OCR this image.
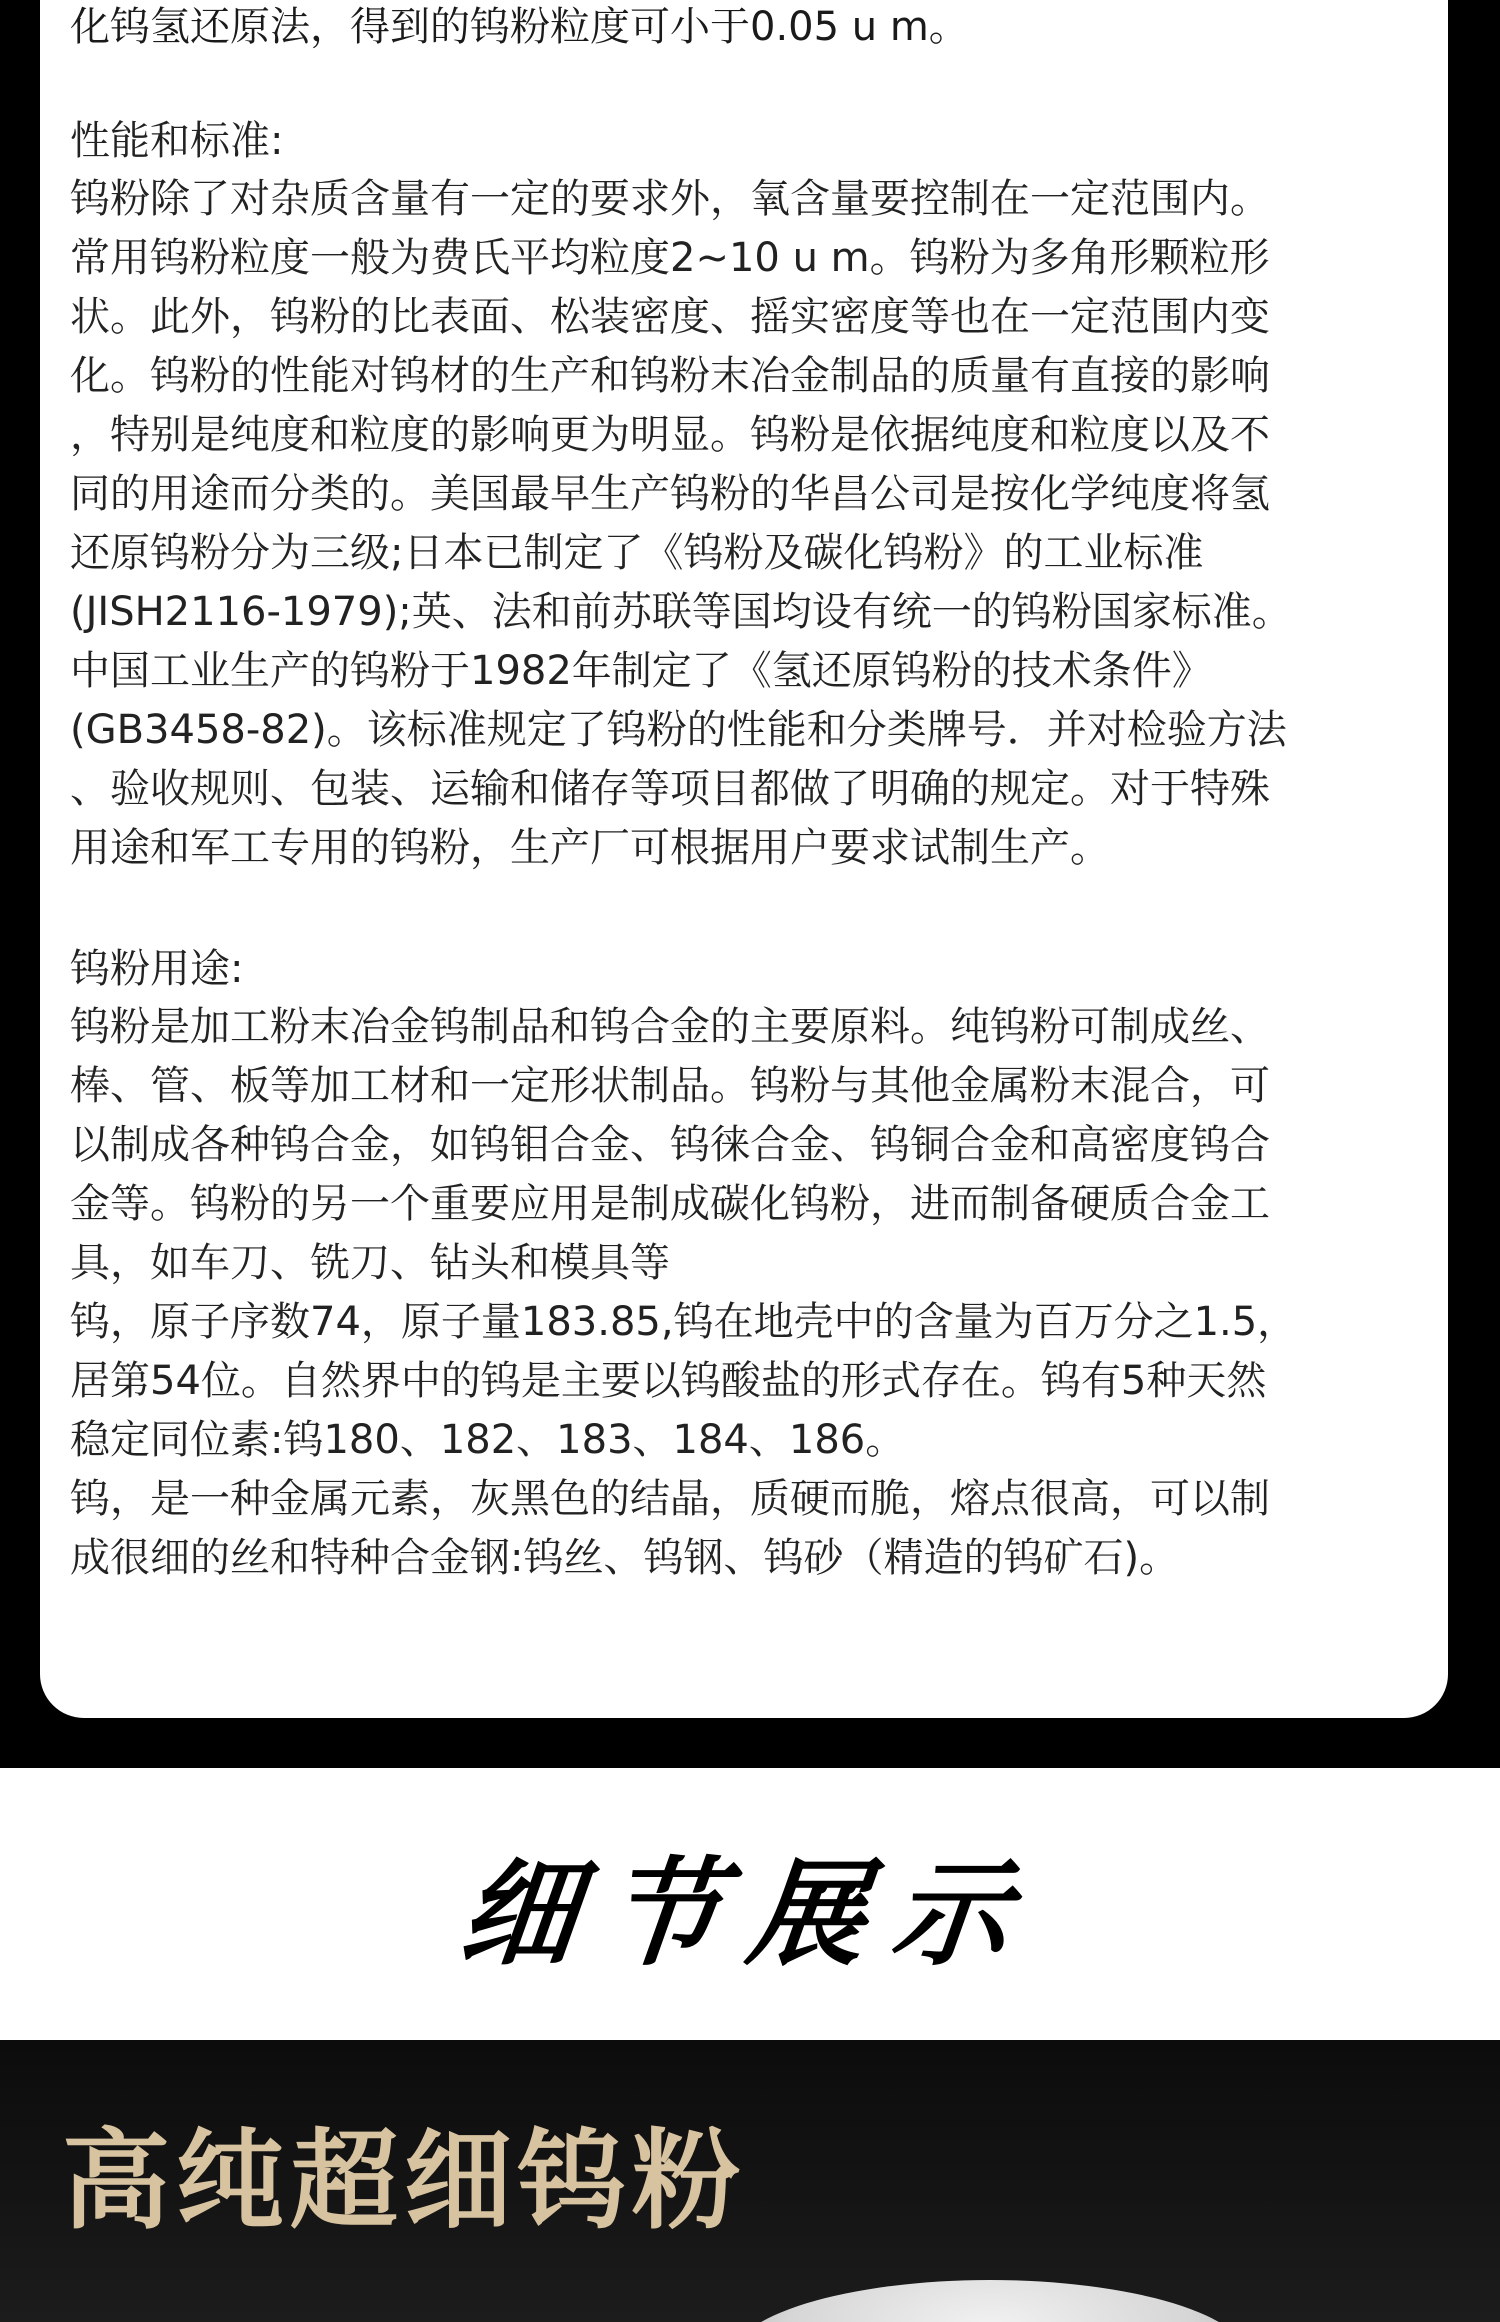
化钨氢还原法，得到的钨粉粒度可小于0.05 u m。

性能和标准:

钨粉除了对杂质含量有一定的要求外，氧含量要控制在一定范围内。
常用钨粉粒度一般为费氏平均粒度2~10 u m。钨粉为多角形颗粒形
状。此外，钨粉的比表面、松装密度、摇实密度等也在一定范围内变
化。钨粉的性能对钨材的生产和钨粉末冶金制品的质量有直接的影响
，特别是纯度和粒度的影响更为明显。钨粉是依据纯度和粒度以及不
同的用途而分类的。美国最早生产钨粉的华昌公司是按化学纯度将氢
还原钨粉分为三级;日本已制定了《钨粉及碳化钨粉》的工业标准
(JISH2116-1979);英、法和前苏联等国均设有统一的钨粉国家标准。
中国工业生产的钨粉于1982年制定了《氢还原钨粉的技术条件》
(GB3458-82)。该标准规定了钨粉的性能和分类牌号．并对检验方法
、验收规则、包装、运输和储存等项目都做了明确的规定。对于特殊
用途和军工专用的钨粉，生产厂可根据用户要求试制生产。

钨粉用途:

钨粉是加工粉末冶金钨制品和钨合金的主要原料。纯钨粉可制成丝、
棒、管、板等加工材和一定形状制品。钨粉与其他金属粉末混合，可
以制成各种钨合金，如钨钼合金、钨徕合金、钨铜合金和高密度钨合
金等。钨粉的另一个重要应用是制成碳化钨粉，进而制备硬质合金工
具，如车刀、铣刀、钻头和模具等
钨，原子序数74，原子量183.85,钨在地壳中的含量为百万分之1.5，
居第54位。自然界中的钨是主要以钨酸盐的形式存在。钨有5种天然
稳定同位素:钨180、182、183、184、186。
钨，是一种金属元素，灰黑色的结晶，质硬而脆，熔点很高，可以制
成很细的丝和特种合金钢:钨丝、钨钢、钨砂（精造的钨矿石)。

细节展示
高纯超细钨粉
